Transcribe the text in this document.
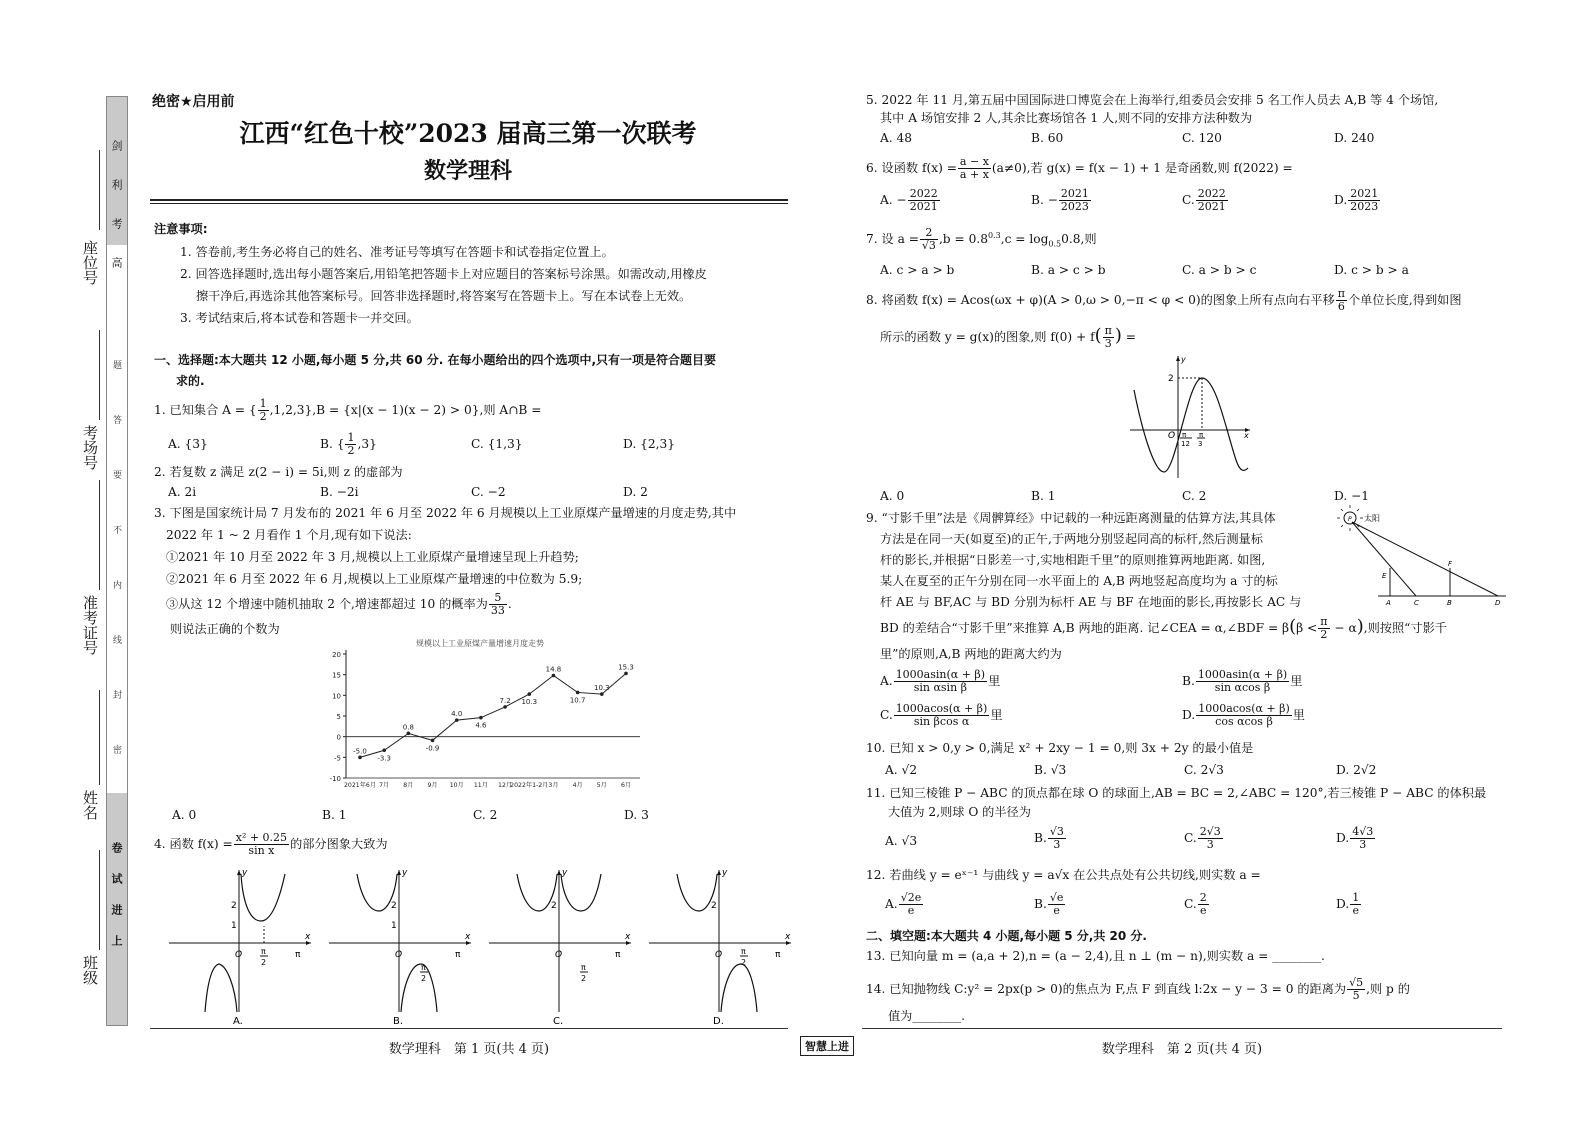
剑利考高
题答要不内线封密
卷试进上
座位号
考场号
准考证号
姓名
班级
绝密★启用前
江西“红色十校”2023 届高三第一次联考
数学理科
注意事项:
1. 答卷前,考生务必将自己的姓名、准考证号等填写在答题卡和试卷指定位置上。
2. 回答选择题时,选出每小题答案后,用铅笔把答题卡上对应题目的答案标号涂黑。如需改动,用橡皮
擦干净后,再选涂其他答案标号。回答非选择题时,将答案写在答题卡上。写在本试卷上无效。
3. 考试结束后,将本试卷和答题卡一并交回。
一、选择题:本大题共 12 小题,每小题 5 分,共 60 分. 在每小题给出的四个选项中,只有一项是符合题目要
求的.
1. 已知集合 A = { $\frac{1}{2} ,1,2,3\},B = \{x|(x - 1)(x - 2) > 0\}$,则 A∩B =
A. {3}	B. { $\frac{1}{2} ,3$}	C. {1,3}	D. {2,3}
2. 若复数 z 满足 z(2 − i) = 5i,则 z 的虚部为
A. 2i	B. −2i	C. −2	D. 2
3. 下图是国家统计局 7 月发布的 2021 年 6 月至 2022 年 6 月规模以上工业原煤产量增速的月度走势,其中
2022 年 1 ~ 2 月看作 1 个月,现有如下说法:
①2021 年 10 月至 2022 年 3 月,规模以上工业原煤产量增速呈现上升趋势;
②2021 年 6 月至 2022 年 6 月,规模以上工业原煤产量增速的中位数为 5.9;
③从这 12 个增速中随机抽取 2 个,增速都超过 10 的概率为 $\frac{5}{33}$ .
则说法正确的个数为
规模以上工业原煤产量增速月度走势
20
15
10
5
0
-5
-10
-5.0
2021年6月
-3.3
7月
0.8
8月
-0.9
9月
4.0
10月
4.6
11月
7.2
12月
10.3
2022年1-2月
14.8
3月
10.7
4月
10.3
5月
15.3
6月
A. 0	B. 1	C. 2	D. 3
4. 函数 $f(x) = \frac{\text{x² + 0.25}}{\text{sin x}}$ 的部分图象大致为
x
y
O
2
1
π
π
2
A.
x
y
O
2
1
π
π
2
B.
x
y
O
2
π
π
2
C.
x
y
O
2
π
π
2
D.
数学理科　第 1 页(共 4 页)	智慧上进
5. 2022 年 11 月,第五届中国国际进口博览会在上海举行,组委员会安排 5 名工作人员去 A,B 等 4 个场馆,
其中 A 场馆安排 2 人,其余比赛场馆各 1 人,则不同的安排方法种数为
A. 48	B. 60	C. 120	D. 240
6. 设函数 $f(x) = \frac{a - x}{a + x} (a\ne 0)$,若 g(x) = f(x − 1) + 1 是奇函数,则 f(2022) =
A. − $\frac{2022}{2021}$	B. − $\frac{2021}{2023}$	C. $\frac{2022}{2021}$	D. $\frac{2021}{2023}$
7. 设 $a = \frac{2}{√3} ,b = 0.8^{0.3},c = \log_{0.5}0.8$,则
A. c > a > b	B. a > c > b	C. a > b > c	D. c > b > a
8. 将函数 f(x) = Acos(ωx + φ)(A > 0,ω > 0,−π < φ < 0)的图象上所有点向右平移 $\frac{\pi}{6}$ 个单位长度,得到如图
所示的函数 y = g(x)的图象,则 $f(0) + f( \frac{\pi}{3}$ ) =
y
x
2
O π
12
π
3
A. 0	B. 1	C. 2	D. −1
9. “寸影千里”法是《周髀算经》中记载的一种远距离测量的估算方法,其具体
方法是在同一天(如夏至)的正午,于两地分别竖起同高的标杆,然后测量标
杆的影长,并根据“日影差一寸,实地相距千里”的原则推算两地距离. 如图,
某人在夏至的正午分别在同一水平面上的 A,B 两地竖起高度均为 a 寸的标
杆 AE 与 BF,AC 与 BD 分别为标杆 AE 与 BF 在地面的影长,再按影长 AC 与
BD 的差结合“寸影千里”来推算 A,B 两地的距离. 记∠CEA = α,∠BDF = $\beta(\beta < \frac{\pi}{2} - \alpha)$,则按照“寸影千
里”的原则,A,B 两地的距离大约为
P 太阳
E
F
A	C	B	D
A. $\frac{1000asin(\alpha + \beta)}{\text{sin αsin β}}$ 里	B. $\frac{1000asin(\alpha + \beta)}{\text{sin αcos β}}$ 里
C. $\frac{1000acos(\alpha + \beta)}{\text{sin βcos α}}$ 里	D. $\frac{1000acos(\alpha + \beta)}{\text{cos αcos β}}$ 里
10. 已知 x > 0,y > 0,满足 x² + 2xy − 1 = 0,则 3x + 2y 的最小值是
A. √2	B. √3	C. 2√3	D. 2√2
11. 已知三棱锥 P − ABC 的顶点都在球 O 的球面上,AB = BC = 2,∠ABC = 120°,若三棱锥 P − ABC 的体积最
大值为 2,则球 O 的半径为
A. √3	B. $\frac{√3}{3}$	C. $\frac{2√3}{3}$	D. $\frac{4√3}{3}$
12. 若曲线 y = eˣ⁻¹ 与曲线 y = a√x 在公共点处有公共切线,则实数 a =
A. $\frac{√2e}{e}$	B. $\frac{√e}{e}$	C. $\frac{2}{e}$	D. $\frac{1}{e}$
二、填空题:本大题共 4 小题,每小题 5 分,共 20 分.
13. 已知向量 m = (a,a + 2),n = (a − 2,4),且 n ⊥ (m − n),则实数 a = ________.
14. 已知抛物线 C:y² = 2px(p > 0)的焦点为 F,点 F 到直线 l:2x − y − 3 = 0 的距离为 $\frac{√5}{5}$ ,则 p 的
值为________.
数学理科　第 2 页(共 4 页)
